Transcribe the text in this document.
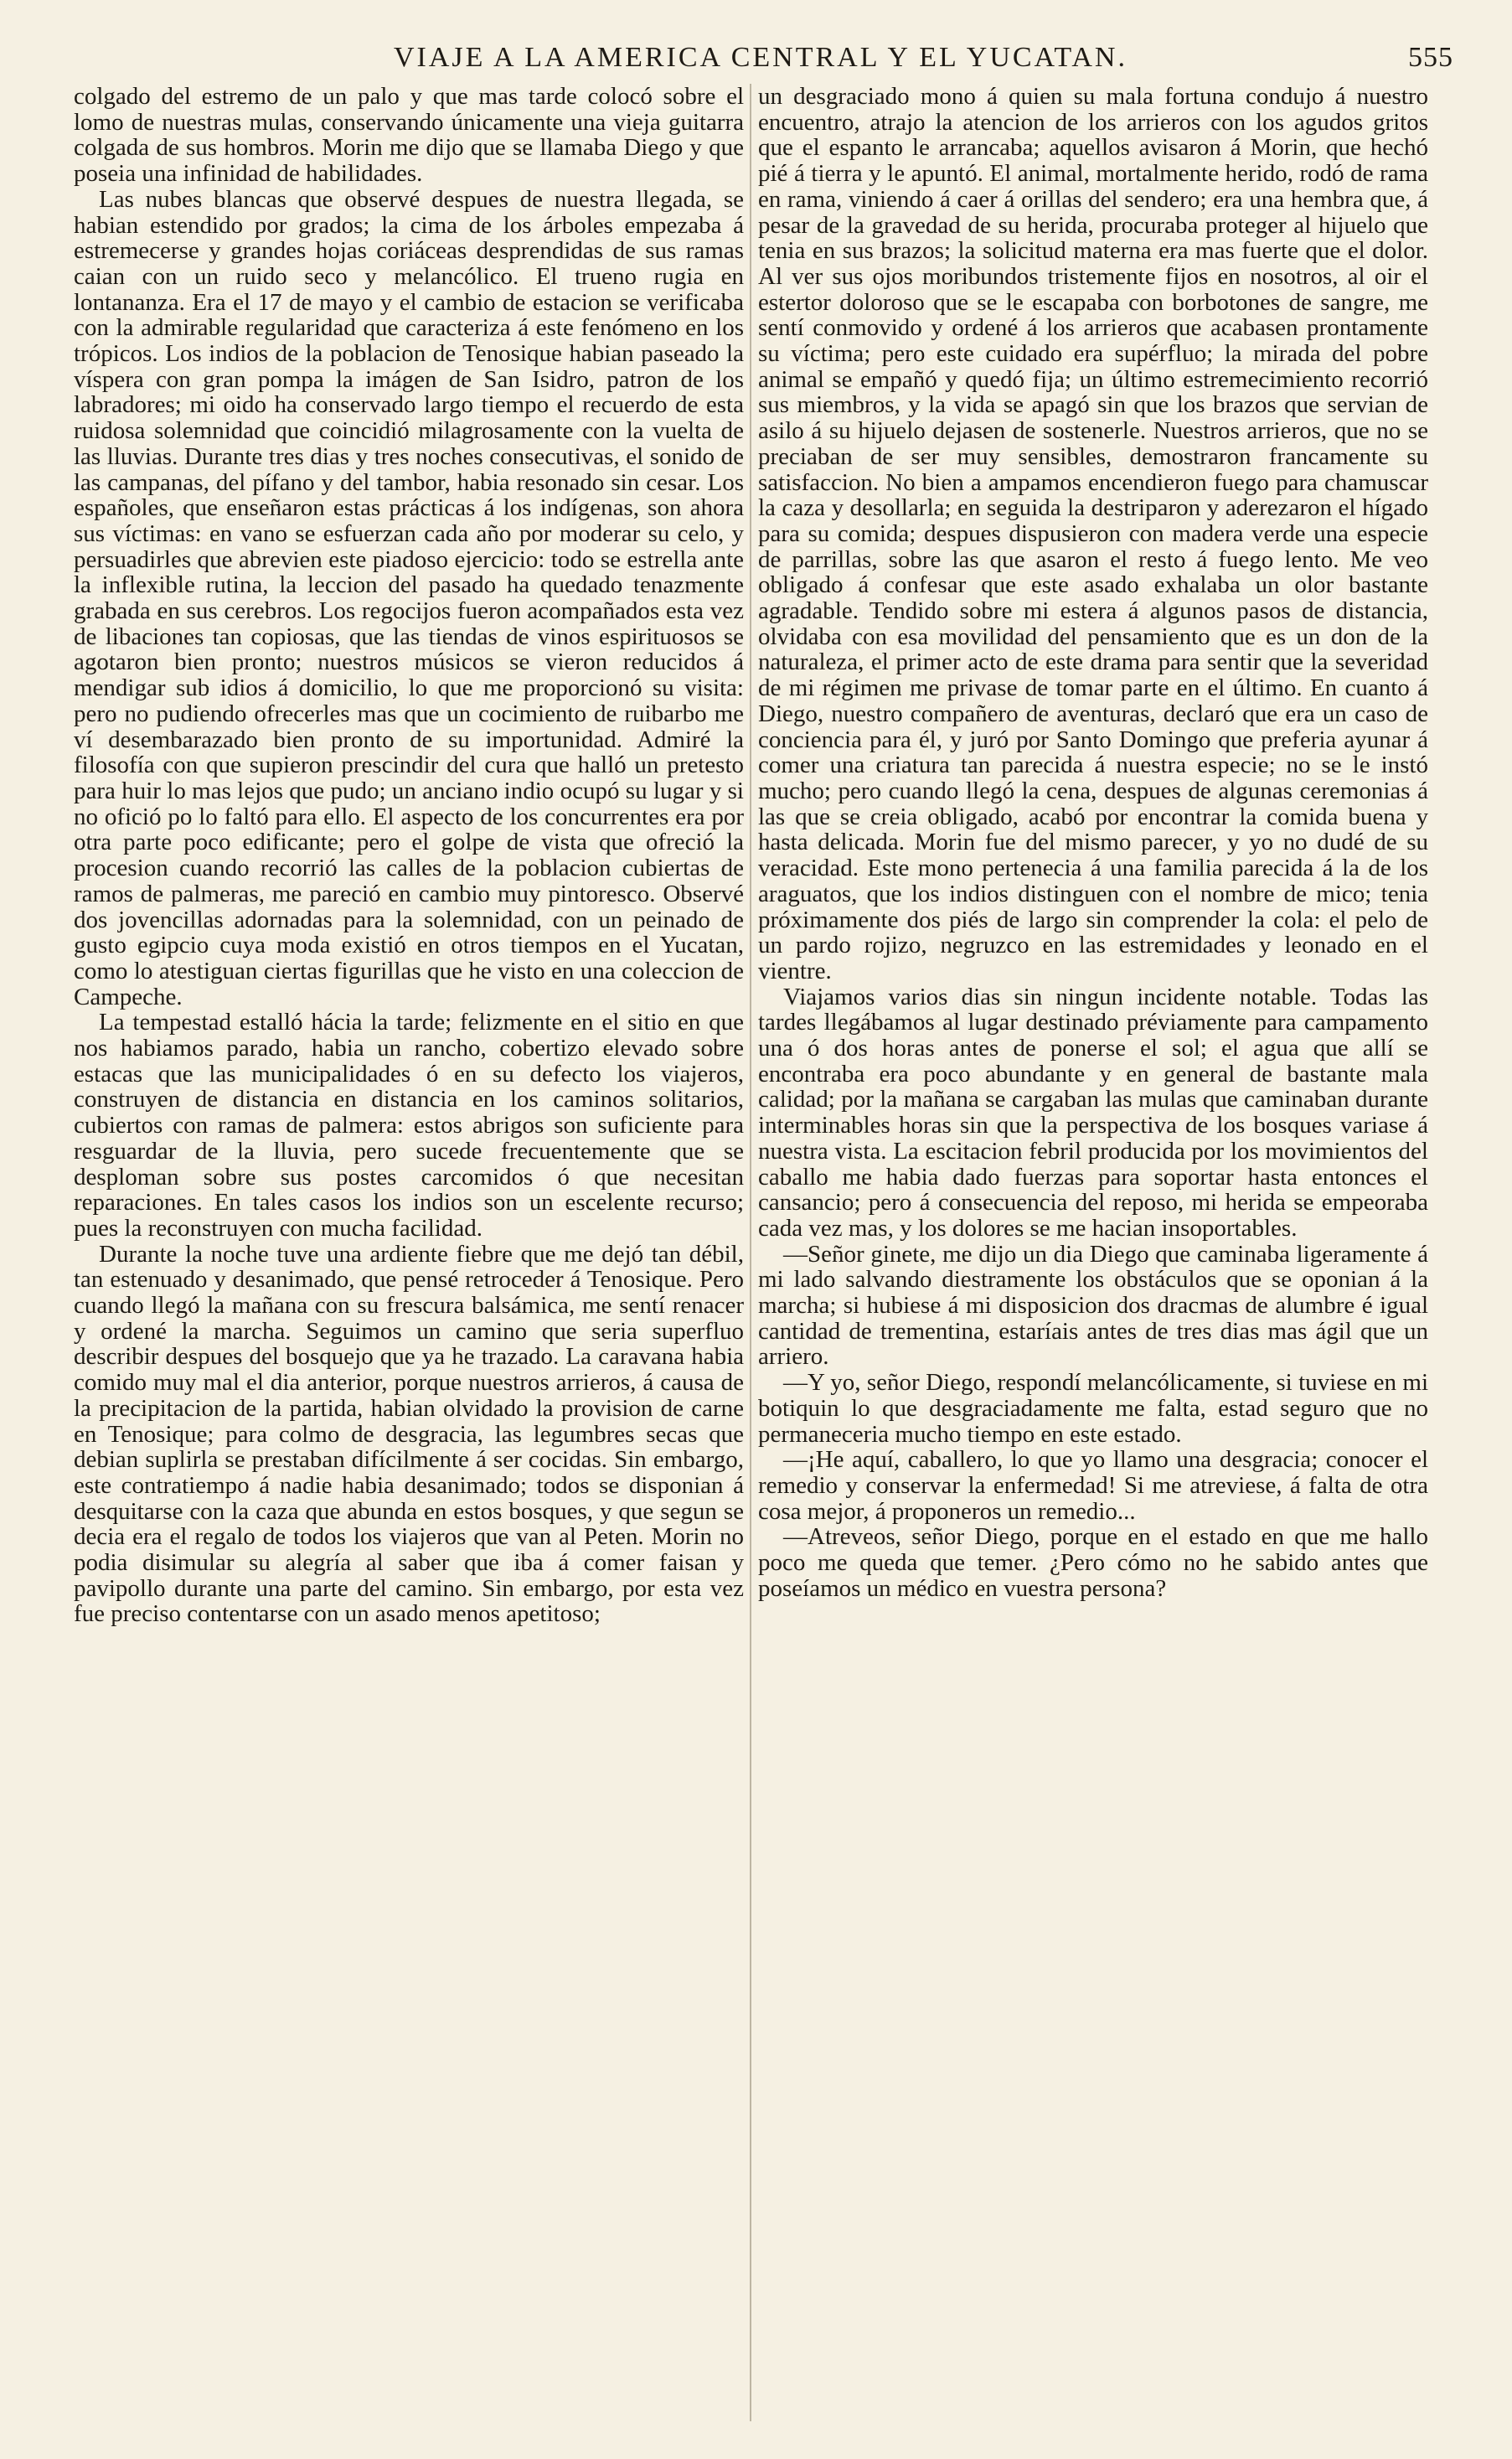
VIAJE A LA AMERICA CENTRAL Y EL YUCATAN.	555

colgado del estremo de un palo y que mas tarde colocó sobre el lomo de nuestras mulas, conservando únicamente una vieja guitarra colgada de sus hombros. Morin me dijo que se llamaba Diego y que poseia una infinidad de habilidades.

Las nubes blancas que observé despues de nuestra llegada, se habian estendido por grados; la cima de los árboles empezaba á estremecerse y grandes hojas coriáceas desprendidas de sus ramas caian con un ruido seco y melancólico. El trueno rugia en lontananza. Era el 17 de mayo y el cambio de estacion se verificaba con la admirable regularidad que caracteriza á este fenómeno en los trópicos. Los indios de la poblacion de Tenosique habian paseado la víspera con gran pompa la imágen de San Isidro, patron de los labradores; mi oido ha conservado largo tiempo el recuerdo de esta ruidosa solemnidad que coincidió milagrosamente con la vuelta de las lluvias. Durante tres dias y tres noches consecutivas, el sonido de las campanas, del pífano y del tambor, habia resonado sin cesar. Los españoles, que enseñaron estas prácticas á los indígenas, son ahora sus víctimas: en vano se esfuerzan cada año por moderar su celo, y persuadirles que abrevien este piadoso ejercicio: todo se estrella ante la inflexible rutina, la leccion del pasado ha quedado tenazmente grabada en sus cerebros. Los regocijos fueron acompañados esta vez de libaciones tan copiosas, que las tiendas de vinos espirituosos se agotaron bien pronto; nuestros músicos se vieron reducidos á mendigar sub idios á domicilio, lo que me proporcionó su visita: pero no pudiendo ofrecerles mas que un cocimiento de ruibarbo me ví desembarazado bien pronto de su importunidad. Admiré la filosofía con que supieron prescindir del cura que halló un pretesto para huir lo mas lejos que pudo; un anciano indio ocupó su lugar y si no ofició po lo faltó para ello. El aspecto de los concurrentes era por otra parte poco edificante; pero el golpe de vista que ofreció la procesion cuando recorrió las calles de la poblacion cubiertas de ramos de palmeras, me pareció en cambio muy pintoresco. Observé dos jovencillas adornadas para la solemnidad, con un peinado de gusto egipcio cuya moda existió en otros tiempos en el Yucatan, como lo atestiguan ciertas figurillas que he visto en una coleccion de Campeche.

La tempestad estalló hácia la tarde; felizmente en el sitio en que nos habiamos parado, habia un rancho, cobertizo elevado sobre estacas que las municipalidades ó en su defecto los viajeros, construyen de distancia en distancia en los caminos solitarios, cubiertos con ramas de palmera: estos abrigos son suficiente para resguardar de la lluvia, pero sucede frecuentemente que se desploman sobre sus postes carcomidos ó que necesitan reparaciones. En tales casos los indios son un escelente recurso; pues la reconstruyen con mucha facilidad.

Durante la noche tuve una ardiente fiebre que me dejó tan débil, tan estenuado y desanimado, que pensé retroceder á Tenosique. Pero cuando llegó la mañana con su frescura balsámica, me sentí renacer y ordené la marcha. Seguimos un camino que seria superfluo describir despues del bosquejo que ya he trazado. La caravana habia comido muy mal el dia anterior, porque nuestros arrieros, á causa de la precipitacion de la partida, habian olvidado la provision de carne en Tenosique; para colmo de desgracia, las legumbres secas que debian suplirla se prestaban difícilmente á ser cocidas. Sin embargo, este contratiempo á nadie habia desanimado; todos se disponian á desquitarse con la caza que abunda en estos bosques, y que segun se decia era el regalo de todos los viajeros que van al Peten. Morin no podia disimular su alegría al saber que iba á comer faisan y pavipollo durante una parte del camino. Sin embargo, por esta vez fue preciso contentarse con un asado menos apetitoso;

un desgraciado mono á quien su mala fortuna condujo á nuestro encuentro, atrajo la atencion de los arrieros con los agudos gritos que el espanto le arrancaba; aquellos avisaron á Morin, que hechó pié á tierra y le apuntó. El animal, mortalmente herido, rodó de rama en rama, viniendo á caer á orillas del sendero; era una hembra que, á pesar de la gravedad de su herida, procuraba proteger al hijuelo que tenia en sus brazos; la solicitud materna era mas fuerte que el dolor. Al ver sus ojos moribundos tristemente fijos en nosotros, al oir el estertor doloroso que se le escapaba con borbotones de sangre, me sentí conmovido y ordené á los arrieros que acabasen prontamente su víctima; pero este cuidado era supérfluo; la mirada del pobre animal se empañó y quedó fija; un último estremecimiento recorrió sus miembros, y la vida se apagó sin que los brazos que servian de asilo á su hijuelo dejasen de sostenerle. Nuestros arrieros, que no se preciaban de ser muy sensibles, demostraron francamente su satisfaccion. No bien a ampamos encendieron fuego para chamuscar la caza y desollarla; en seguida la destriparon y aderezaron el hígado para su comida; despues dispusieron con madera verde una especie de parrillas, sobre las que asaron el resto á fuego lento. Me veo obligado á confesar que este asado exhalaba un olor bastante agradable. Tendido sobre mi estera á algunos pasos de distancia, olvidaba con esa movilidad del pensamiento que es un don de la naturaleza, el primer acto de este drama para sentir que la severidad de mi régimen me privase de tomar parte en el último. En cuanto á Diego, nuestro compañero de aventuras, declaró que era un caso de conciencia para él, y juró por Santo Domingo que preferia ayunar á comer una criatura tan parecida á nuestra especie; no se le instó mucho; pero cuando llegó la cena, despues de algunas ceremonias á las que se creia obligado, acabó por encontrar la comida buena y hasta delicada. Morin fue del mismo parecer, y yo no dudé de su veracidad. Este mono pertenecia á una familia parecida á la de los araguatos, que los indios distinguen con el nombre de mico; tenia próximamente dos piés de largo sin comprender la cola: el pelo de un pardo rojizo, negruzco en las estremidades y leonado en el vientre.

Viajamos varios dias sin ningun incidente notable. Todas las tardes llegábamos al lugar destinado préviamente para campamento una ó dos horas antes de ponerse el sol; el agua que allí se encontraba era poco abundante y en general de bastante mala calidad; por la mañana se cargaban las mulas que caminaban durante interminables horas sin que la perspectiva de los bosques variase á nuestra vista. La escitacion febril producida por los movimientos del caballo me habia dado fuerzas para soportar hasta entonces el cansancio; pero á consecuencia del reposo, mi herida se empeoraba cada vez mas, y los dolores se me hacian insoportables.

—Señor ginete, me dijo un dia Diego que caminaba ligeramente á mi lado salvando diestramente los obstáculos que se oponian á la marcha; si hubiese á mi disposicion dos dracmas de alumbre é igual cantidad de trementina, estaríais antes de tres dias mas ágil que un arriero.

—Y yo, señor Diego, respondí melancólicamente, si tuviese en mi botiquin lo que desgraciadamente me falta, estad seguro que no permaneceria mucho tiempo en este estado.

—¡He aquí, caballero, lo que yo llamo una desgracia; conocer el remedio y conservar la enfermedad! Si me atreviese, á falta de otra cosa mejor, á proponeros un remedio...

—Atreveos, señor Diego, porque en el estado en que me hallo poco me queda que temer. ¿Pero cómo no he sabido antes que poseíamos un médico en vuestra persona?
